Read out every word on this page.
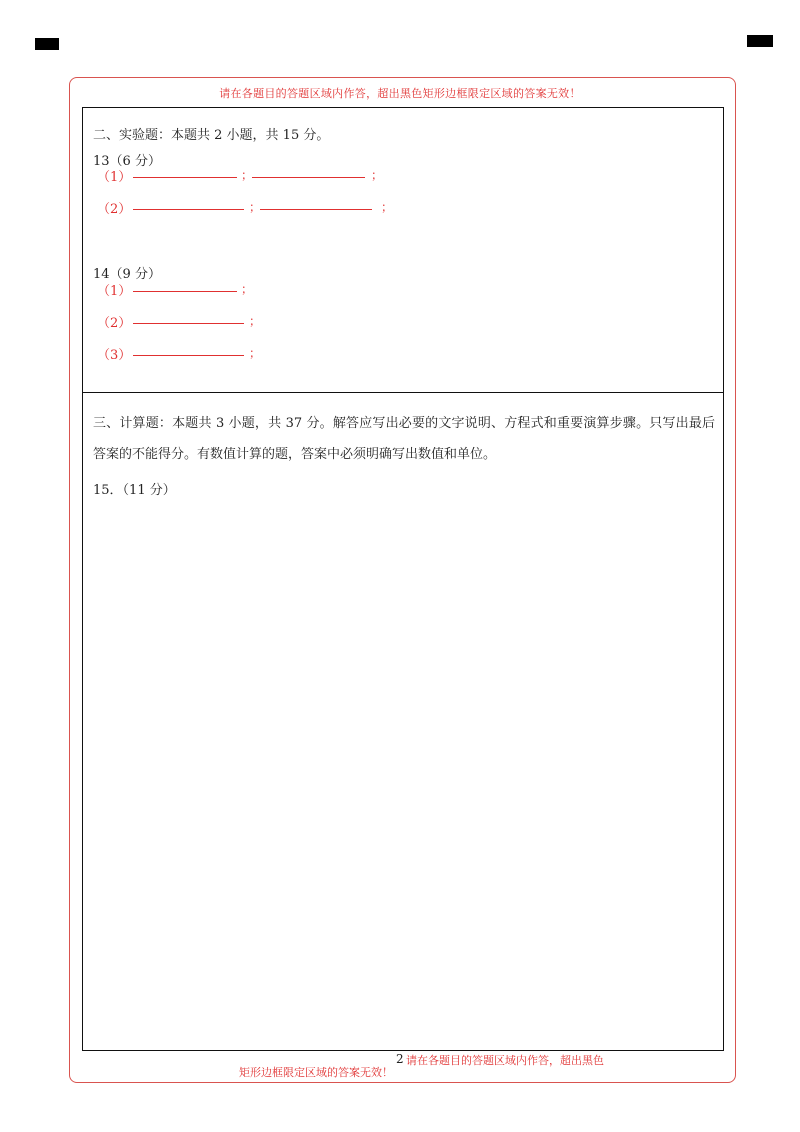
请在各题目的答题区域内作答，超出黑色矩形边框限定区域的答案无效！
二、实验题：本题共 2 小题，共 15 分。
13（6 分）
（1）	；	；
（2）	；	；
14（9 分）
（1）	；
（2）	；
（3）	；
三、计算题：本题共 3 小题，共 37 分。解答应写出必要的文字说明、方程式和重要演算步骤。只写出最后答案的不能得分。有数值计算的题，答案中必须明确写出数值和单位。
15．（11 分）
2 请在各题目的答题区域内作答，超出黑色
矩形边框限定区域的答案无效！
